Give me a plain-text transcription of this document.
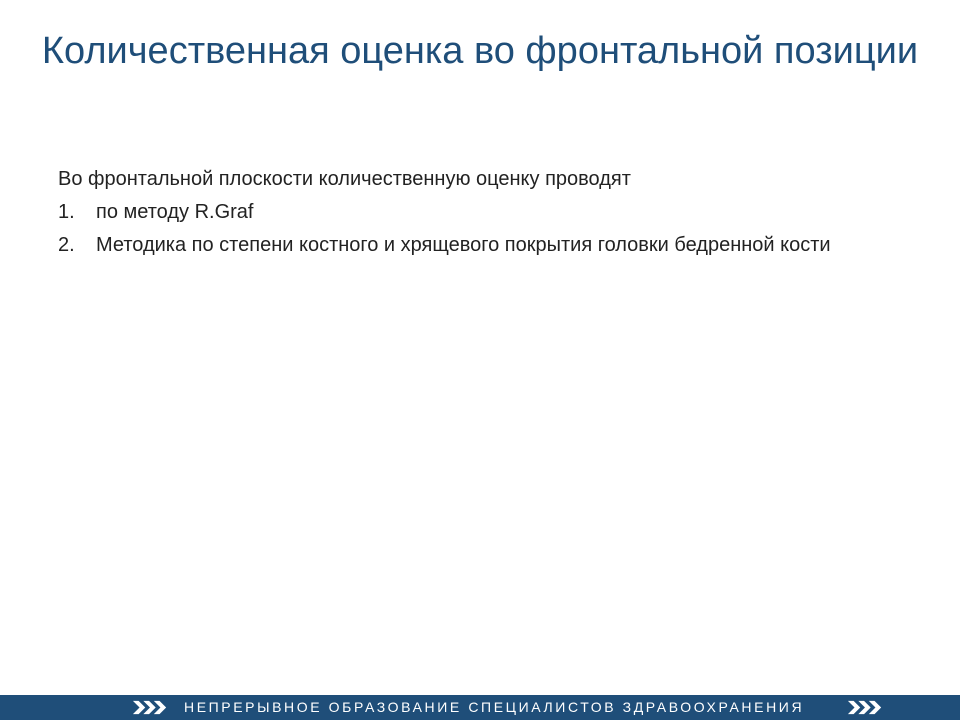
Количественная оценка во фронтальной позиции

Во фронтальной плоскости количественную оценку проводят

1.	по методу R.Graf
2.	Методика по степени костного и хрящевого покрытия головки бедренной кости
НЕПРЕРЫВНОЕ ОБРАЗОВАНИЕ СПЕЦИАЛИСТОВ ЗДРАВООХРАНЕНИЯ
